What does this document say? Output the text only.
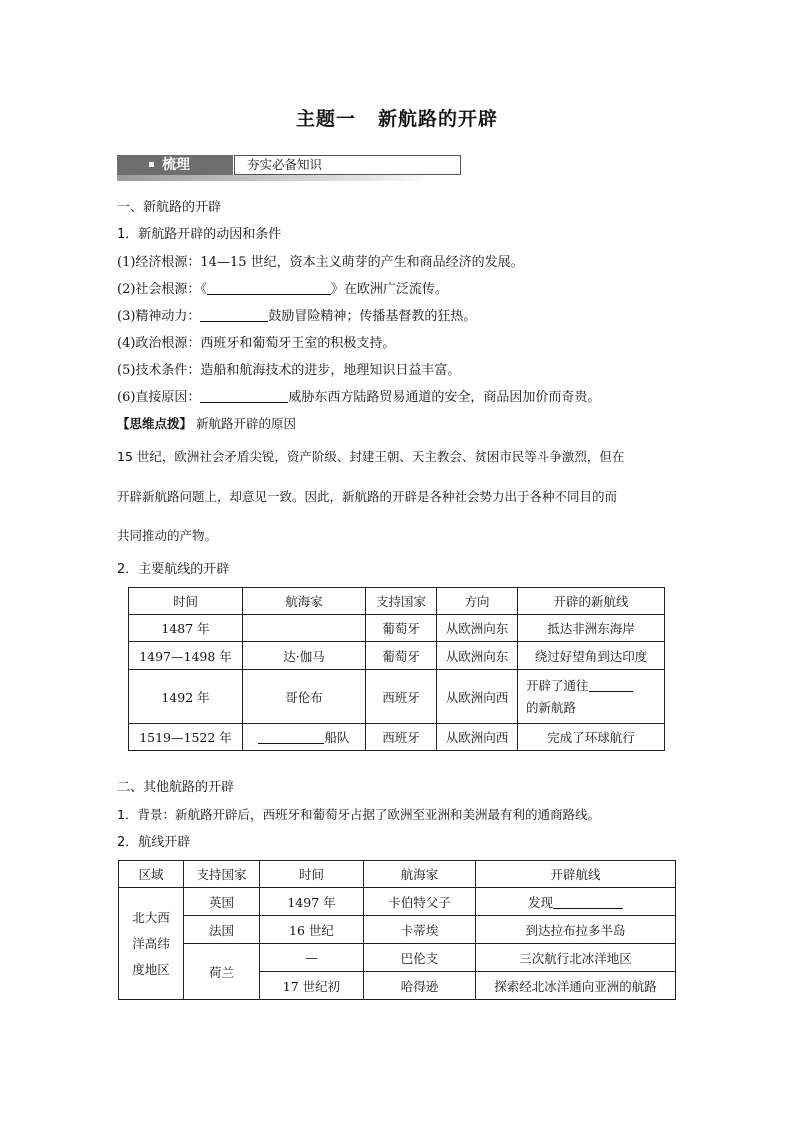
主题一 新航路的开辟
梳理	夯实必备知识
一、新航路的开辟
1．新航路开辟的动因和条件
(1)经济根源：14—15 世纪，资本主义萌芽的产生和商品经济的发展。
(2)社会根源：《	》在欧洲广泛流传。
(3)精神动力：	鼓励冒险精神；传播基督教的狂热。
(4)政治根源：西班牙和葡萄牙王室的积极支持。
(5)技术条件：造船和航海技术的进步，地理知识日益丰富。
(6)直接原因：	威胁东西方陆路贸易通道的安全，商品因加价而奇贵。
【思维点拨】 新航路开辟的原因
15 世纪，欧洲社会矛盾尖锐，资产阶级、封建王朝、天主教会、贫困市民等斗争激烈，但在
开辟新航路问题上，却意见一致。因此，新航路的开辟是各种社会势力出于各种不同目的而
共同推动的产物。
2．主要航线的开辟
时间	航海家	支持国家	方向	开辟的新航线
1487 年		葡萄牙	从欧洲向东	抵达非洲东海岸
1497—1498 年	达·伽马	葡萄牙	从欧洲向东	绕过好望角到达印度
1492 年	哥伦布	西班牙	从欧洲向西	开辟了通往
的新航路
1519—1522 年	船队	西班牙	从欧洲向西	完成了环球航行
二、其他航路的开辟
1．背景：新航路开辟后，西班牙和葡萄牙占据了欧洲至亚洲和美洲最有利的通商路线。
2．航线开辟
区域	支持国家	时间	航海家	开辟航线
北大西
洋高纬
度地区	英国	1497 年	卡伯特父子	发现
	法国	16 世纪	卡蒂埃	到达拉布拉多半岛
	荷兰	—	巴伦支	三次航行北冰洋地区
		17 世纪初	哈得逊	探索经北冰洋通向亚洲的航路
